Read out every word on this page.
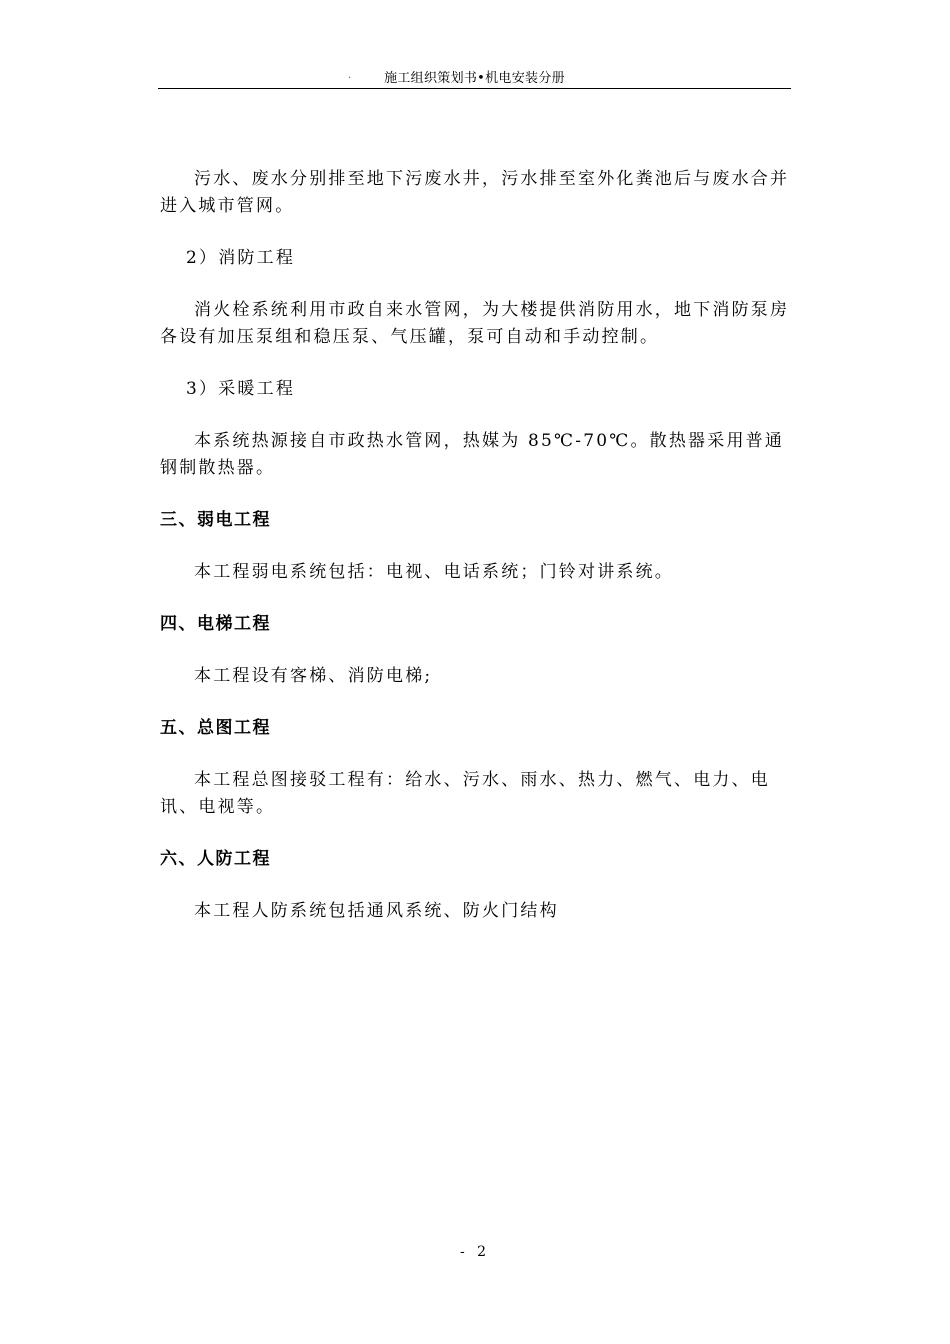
.	施工组织策划书•机电安装分册

污水、废水分别排至地下污废水井，污水排至室外化粪池后与废水合并进入城市管网。

2）消防工程

消火栓系统利用市政自来水管网，为大楼提供消防用水，地下消防泵房各设有加压泵组和稳压泵、气压罐，泵可自动和手动控制。

3）采暖工程

本系统热源接自市政热水管网，热媒为 85℃-70℃。散热器采用普通钢制散热器。

三、弱电工程

本工程弱电系统包括：电视、电话系统；门铃对讲系统。

四、电梯工程

本工程设有客梯、消防电梯;

五、总图工程

本工程总图接驳工程有：给水、污水、雨水、热力、燃气、电力、电讯、电视等。

六、人防工程

本工程人防系统包括通风系统、防火门结构

- 2
